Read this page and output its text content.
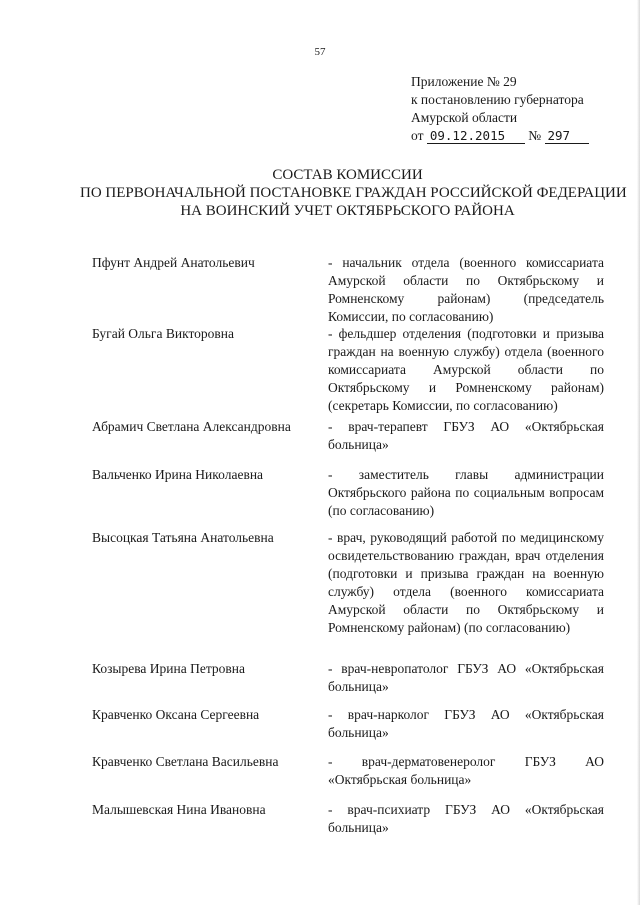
57
Приложение № 29
к постановлению губернатора
Амурской области
от 09.12.2015 № 297
СОСТАВ КОМИССИИ
ПО ПЕРВОНАЧАЛЬНОЙ ПОСТАНОВКЕ ГРАЖДАН РОССИЙСКОЙ ФЕДЕРАЦИИ
НА ВОИНСКИЙ УЧЕТ ОКТЯБРЬСКОГО РАЙОНА
Пфунт Андрей Анатольевич	- начальник отдела (военного комиссариата Амурской области по Октябрьскому и Ромненскому районам) (председатель Комиссии, по согласованию)
Бугай Ольга Викторовна	- фельдшер отделения (подготовки и призыва граждан на военную службу) отдела (военного комиссариата Амурской области по Октябрьскому и Ромненскому районам) (секретарь Комиссии, по согласованию)
Абрамич Светлана Александровна	- врач-терапевт ГБУЗ АО «Октябрьская больница»
Вальченко Ирина Николаевна	- заместитель главы администрации Октябрьского района по социальным вопросам (по согласованию)
Высоцкая Татьяна Анатольевна	- врач, руководящий работой по медицинскому освидетельствованию граждан, врач отделения (подготовки и призыва граждан на военную службу) отдела (военного комиссариата Амурской области по Октябрьскому и Ромненскому районам) (по согласованию)
Козырева Ирина Петровна	- врач-невропатолог ГБУЗ АО «Октябрьская больница»
Кравченко Оксана Сергеевна	- врач-нарколог ГБУЗ АО «Октябрьская больница»
Кравченко Светлана Васильевна	- врач-дерматовенеролог ГБУЗ АО «Октябрьская больница»
Малышевская Нина Ивановна	- врач-психиатр ГБУЗ АО «Октябрьская больница»
